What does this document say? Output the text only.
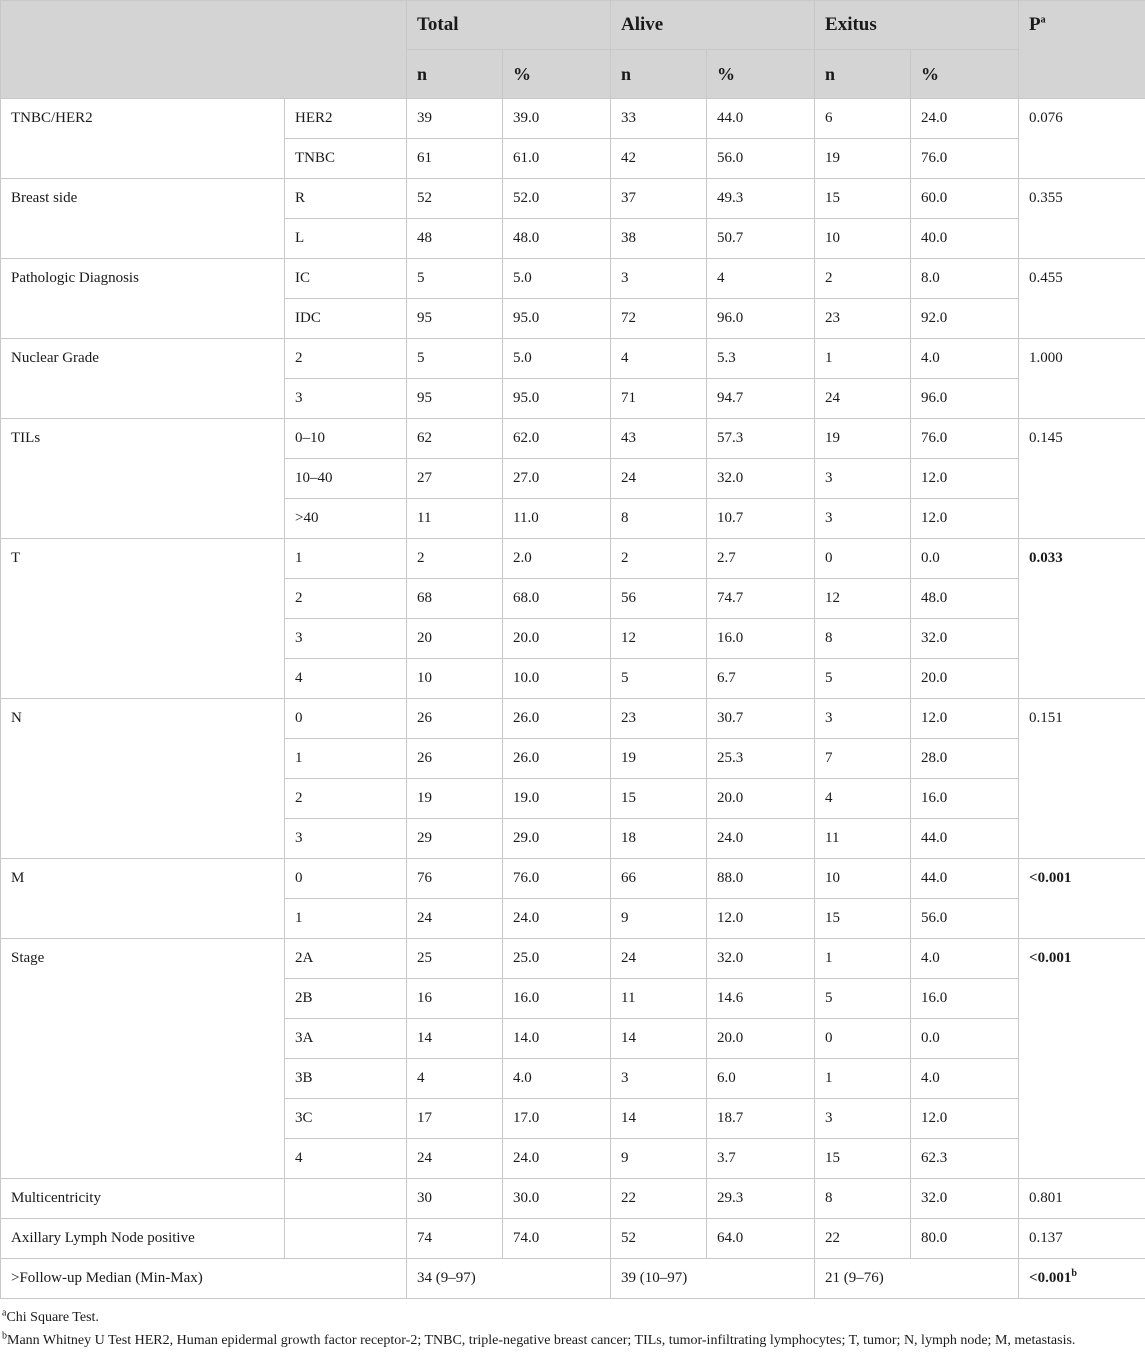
		Total		Alive		Exitus		$P^a$
		n	%	n	%	n	%	
TNBC/HER2	HER2	39	39.0	33	44.0	6	24.0	0.076
	TNBC	61	61.0	42	56.0	19	76.0	
Breast side	R	52	52.0	37	49.3	15	60.0	0.355
	L	48	48.0	38	50.7	10	40.0	
Pathologic Diagnosis	IC	5	5.0	3	4	2	8.0	0.455
	IDC	95	95.0	72	96.0	23	92.0	
Nuclear Grade	2	5	5.0	4	5.3	1	4.0	1.000
	3	95	95.0	71	94.7	24	96.0	
TILs	0–10	62	62.0	43	57.3	19	76.0	0.145
	10–40	27	27.0	24	32.0	3	12.0	
	>40	11	11.0	8	10.7	3	12.0	
T	1	2	2.0	2	2.7	0	0.0	0.033
	2	68	68.0	56	74.7	12	48.0	
	3	20	20.0	12	16.0	8	32.0	
	4	10	10.0	5	6.7	5	20.0	
N	0	26	26.0	23	30.7	3	12.0	0.151
	1	26	26.0	19	25.3	7	28.0	
	2	19	19.0	15	20.0	4	16.0	
	3	29	29.0	18	24.0	11	44.0	
M	0	76	76.0	66	88.0	10	44.0	<0.001
	1	24	24.0	9	12.0	15	56.0	
Stage	2A	25	25.0	24	32.0	1	4.0	<0.001
	2B	16	16.0	11	14.6	5	16.0	
	3A	14	14.0	14	20.0	0	0.0	
	3B	4	4.0	3	6.0	1	4.0	
	3C	17	17.0	14	18.7	3	12.0	
	4	24	24.0	9	3.7	15	62.3	
Multicentricity		30	30.0	22	29.3	8	32.0	0.801
Axillary Lymph Node positive		74	74.0	52	64.0	22	80.0	0.137
>Follow-up Median (Min-Max)		34 (9–97)		39 (10–97)		21 (9–76)		<0.001$^b$
$^a$Chi Square Test.
$^b$Mann Whitney U Test HER2, Human epidermal growth factor receptor-2; TNBC, triple-negative breast cancer; TILs, tumor-infiltrating lymphocytes; T, tumor; N, lymph node; M, metastasis.
